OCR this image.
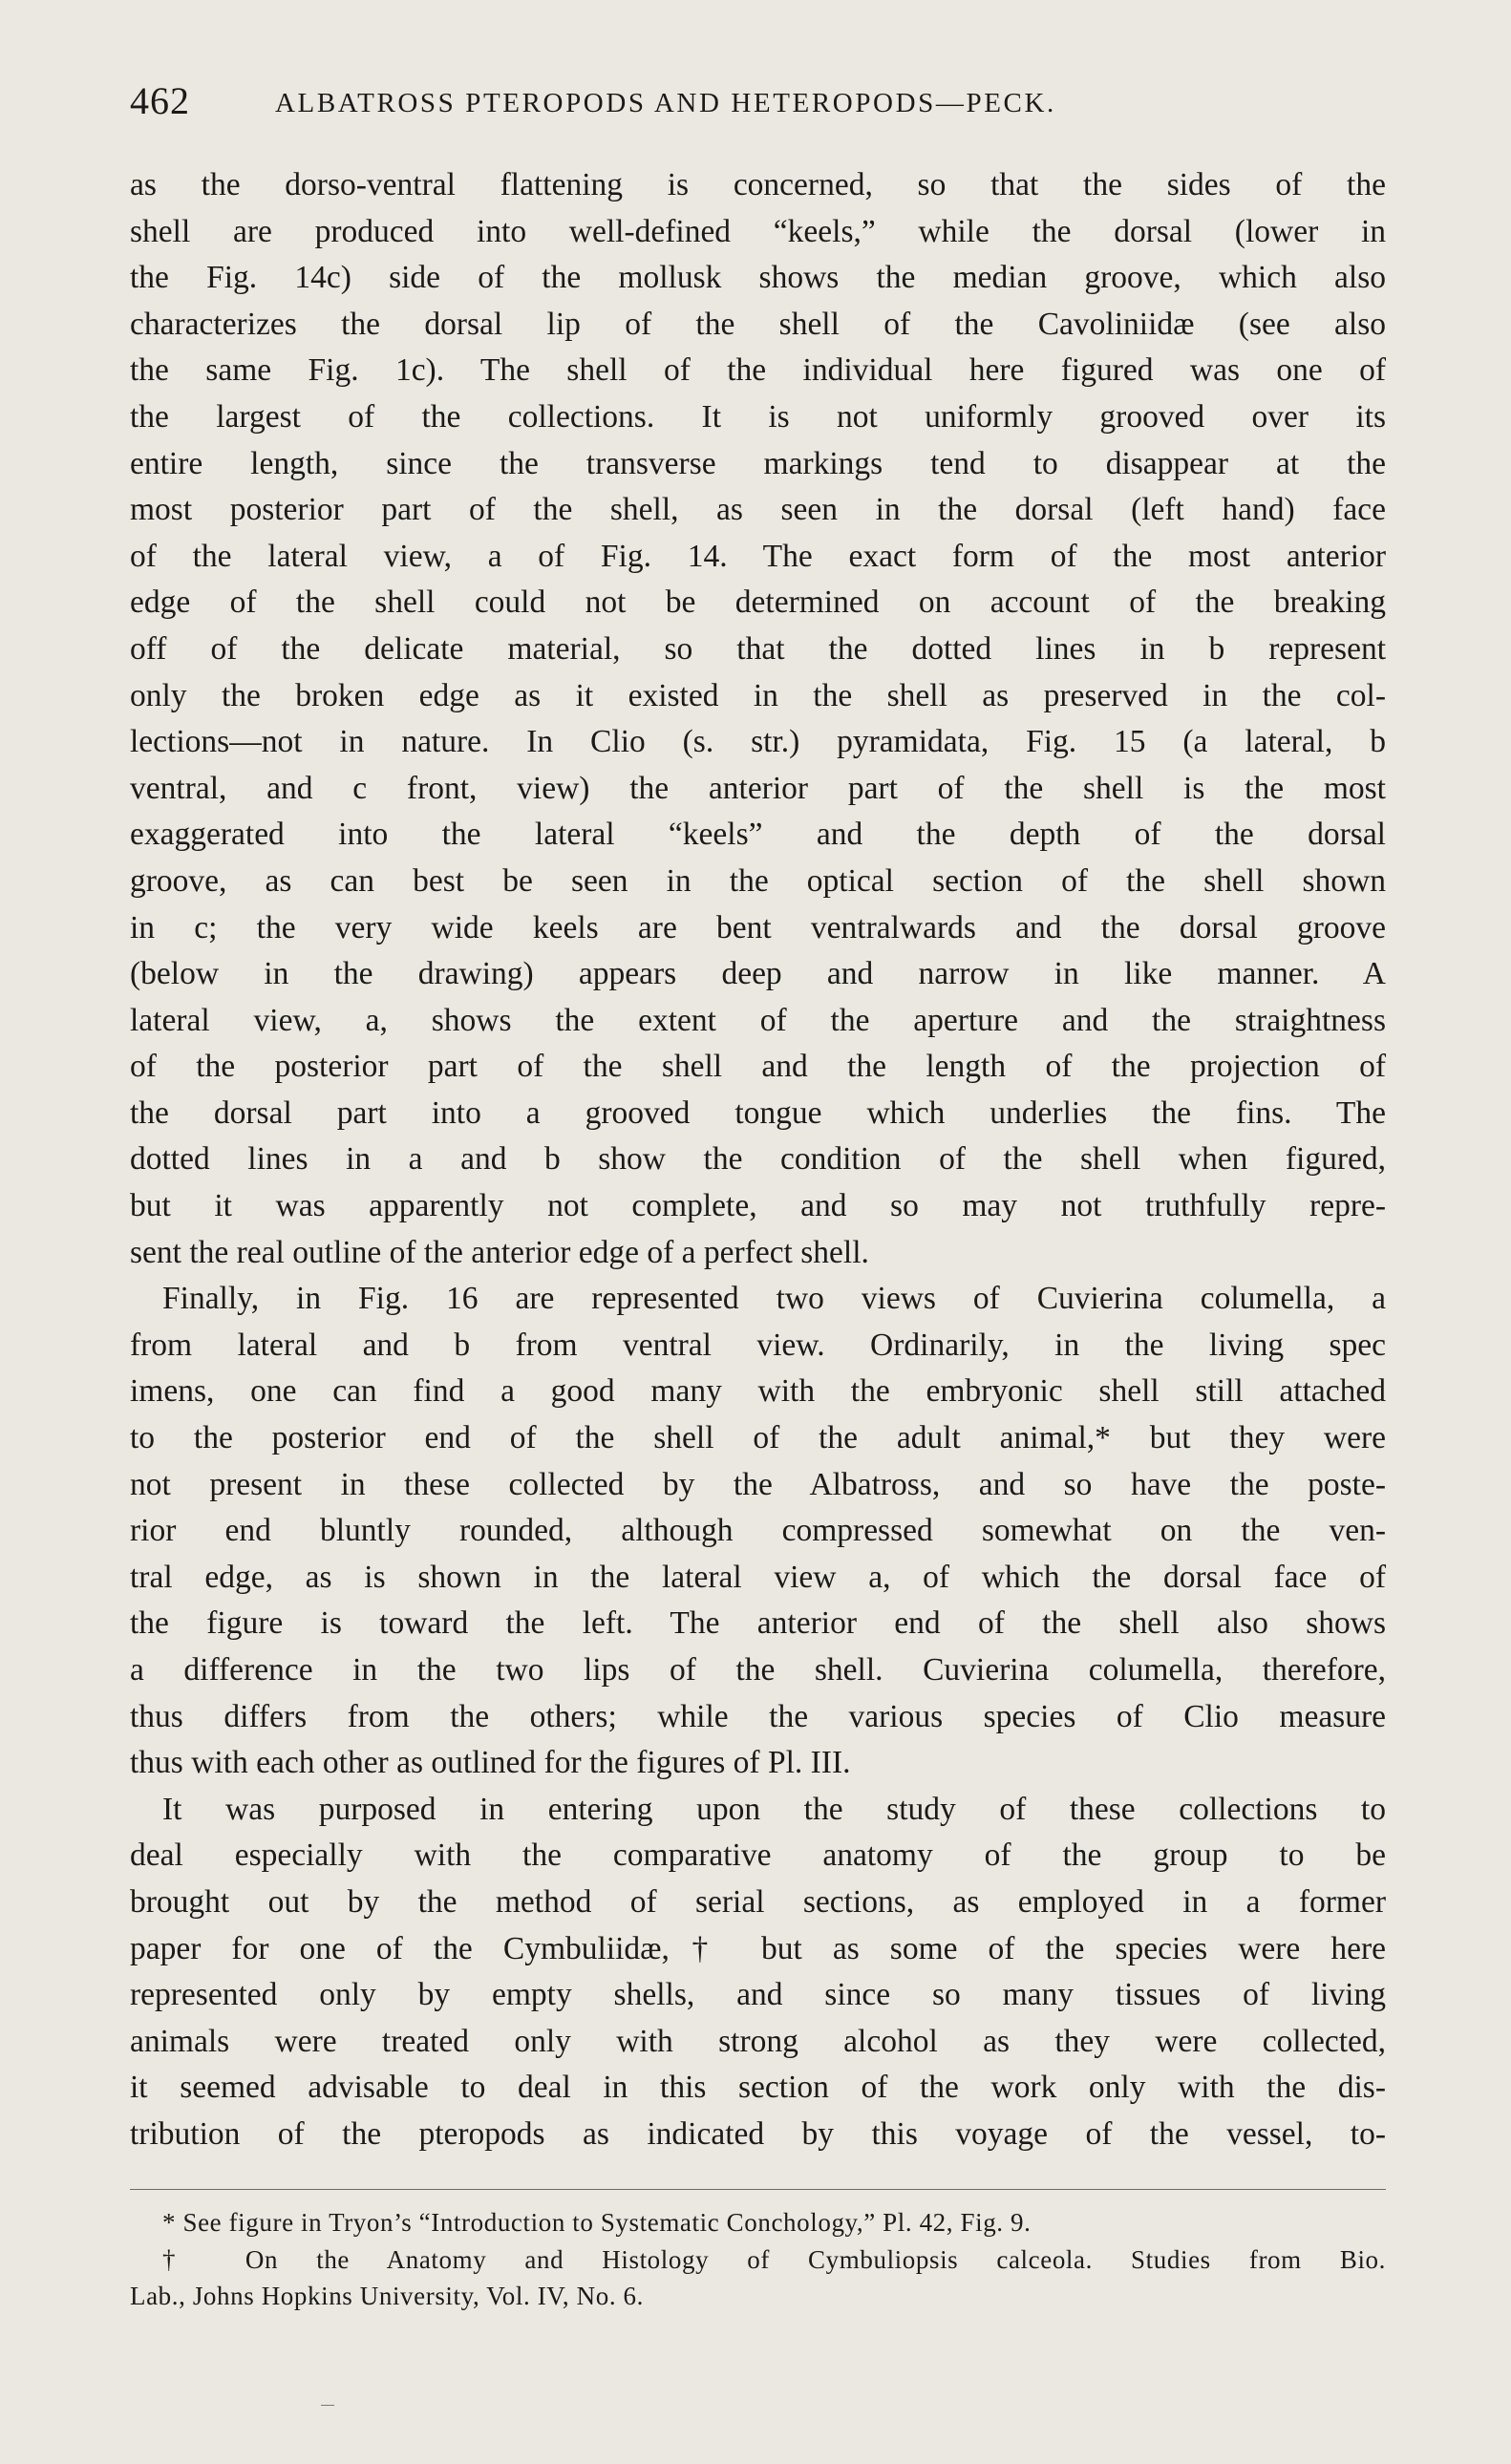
462	ALBATROSS PTEROPODS AND HETEROPODS—PECK.
as the dorso-ventral flattening is concerned, so that the sides of the
shell are produced into well-defined “keels,” while the dorsal (lower in
the Fig. 14c) side of the mollusk shows the median groove, which also
characterizes the dorsal lip of the shell of the Cavoliniidæ (see also
the same Fig. 1c). The shell of the individual here figured was one of
the largest of the collections. It is not uniformly grooved over its
entire length, since the transverse markings tend to disappear at the
most posterior part of the shell, as seen in the dorsal (left hand) face
of the lateral view, a of Fig. 14. The exact form of the most anterior
edge of the shell could not be determined on account of the breaking
off of the delicate material, so that the dotted lines in b represent
only the broken edge as it existed in the shell as preserved in the col-
lections—not in nature. In Clio (s. str.) pyramidata, Fig. 15 (a lateral, b
ventral, and c front, view) the anterior part of the shell is the most
exaggerated into the lateral “keels” and the depth of the dorsal
groove, as can best be seen in the optical section of the shell shown
in c; the very wide keels are bent ventralwards and the dorsal groove
(below in the drawing) appears deep and narrow in like manner. A
lateral view, a, shows the extent of the aperture and the straightness
of the posterior part of the shell and the length of the projection of
the dorsal part into a grooved tongue which underlies the fins. The
dotted lines in a and b show the condition of the shell when figured,
but it was apparently not complete, and so may not truthfully repre-
sent the real outline of the anterior edge of a perfect shell.
Finally, in Fig. 16 are represented two views of Cuvierina columella, a
from lateral and b from ventral view. Ordinarily, in the living spec
imens, one can find a good many with the embryonic shell still attached
to the posterior end of the shell of the adult animal,* but they were
not present in these collected by the Albatross, and so have the poste-
rior end bluntly rounded, although compressed somewhat on the ven-
tral edge, as is shown in the lateral view a, of which the dorsal face of
the figure is toward the left. The anterior end of the shell also shows
a difference in the two lips of the shell. Cuvierina columella, therefore,
thus differs from the others; while the various species of Clio measure
thus with each other as outlined for the figures of Pl. III.
It was purposed in entering upon the study of these collections to
deal especially with the comparative anatomy of the group to be
brought out by the method of serial sections, as employed in a former
paper for one of the Cymbuliidæ,† but as some of the species were here
represented only by empty shells, and since so many tissues of living
animals were treated only with strong alcohol as they were collected,
it seemed advisable to deal in this section of the work only with the dis-
tribution of the pteropods as indicated by this voyage of the vessel, to-
* See figure in Tryon’s “Introduction to Systematic Conchology,” Pl. 42, Fig. 9.
† On the Anatomy and Histology of Cymbuliopsis calceola. Studies from Bio.
Lab., Johns Hopkins University, Vol. IV, No. 6.
